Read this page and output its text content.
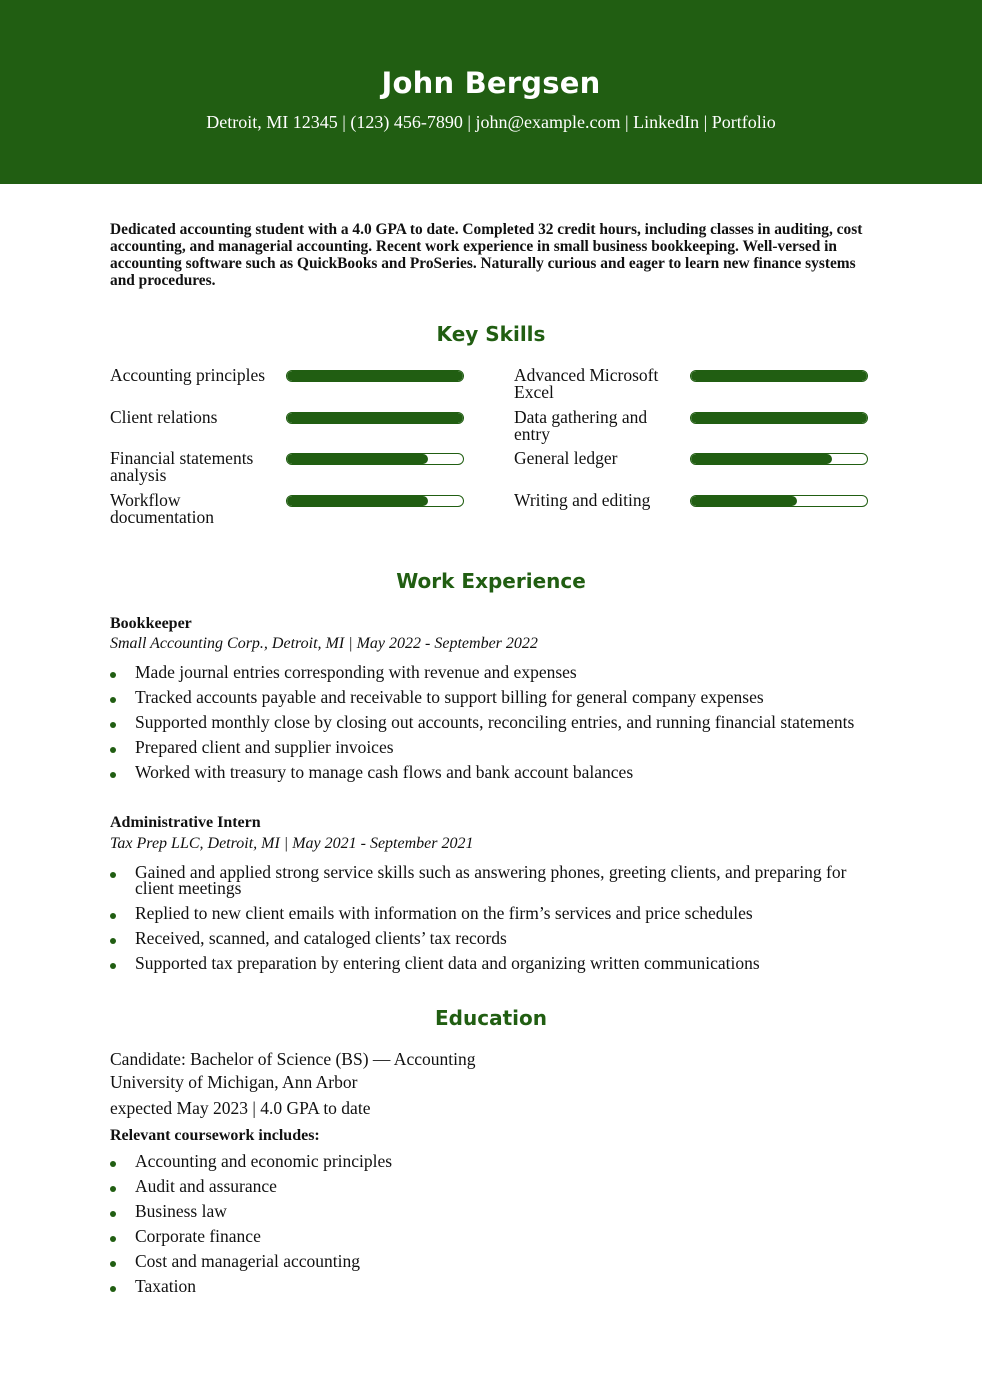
John Bergsen
Detroit, MI 12345 | (123) 456-7890 | john@example.com | LinkedIn | Portfolio
Dedicated accounting student with a 4.0 GPA to date. Completed 32 credit hours, including classes in auditing, cost accounting, and managerial accounting. Recent work experience in small business bookkeeping. Well-versed in accounting software such as QuickBooks and ProSeries. Naturally curious and eager to learn new finance systems and procedures.
Key Skills
Accounting principles	Advanced Microsoft Excel
Client relations	Data gathering and entry
Financial statements analysis
General ledger
Workflow documentation
Writing and editing
Work Experience
Bookkeeper
Small Accounting Corp., Detroit, MI | May 2022 - September 2022
Made journal entries corresponding with revenue and expenses
Tracked accounts payable and receivable to support billing for general company expenses
Supported monthly close by closing out accounts, reconciling entries, and running financial statements
Prepared client and supplier invoices
Worked with treasury to manage cash flows and bank account balances
Administrative Intern
Tax Prep LLC, Detroit, MI | May 2021 - September 2021
Gained and applied strong service skills such as answering phones, greeting clients, and preparing for client meetings
Replied to new client emails with information on the firm’s services and price schedules
Received, scanned, and cataloged clients’ tax records
Supported tax preparation by entering client data and organizing written communications
Education
Candidate: Bachelor of Science (BS) — Accounting
University of Michigan, Ann Arbor
expected May 2023 | 4.0 GPA to date
Relevant coursework includes:
Accounting and economic principles
Audit and assurance
Business law
Corporate finance
Cost and managerial accounting
Taxation
